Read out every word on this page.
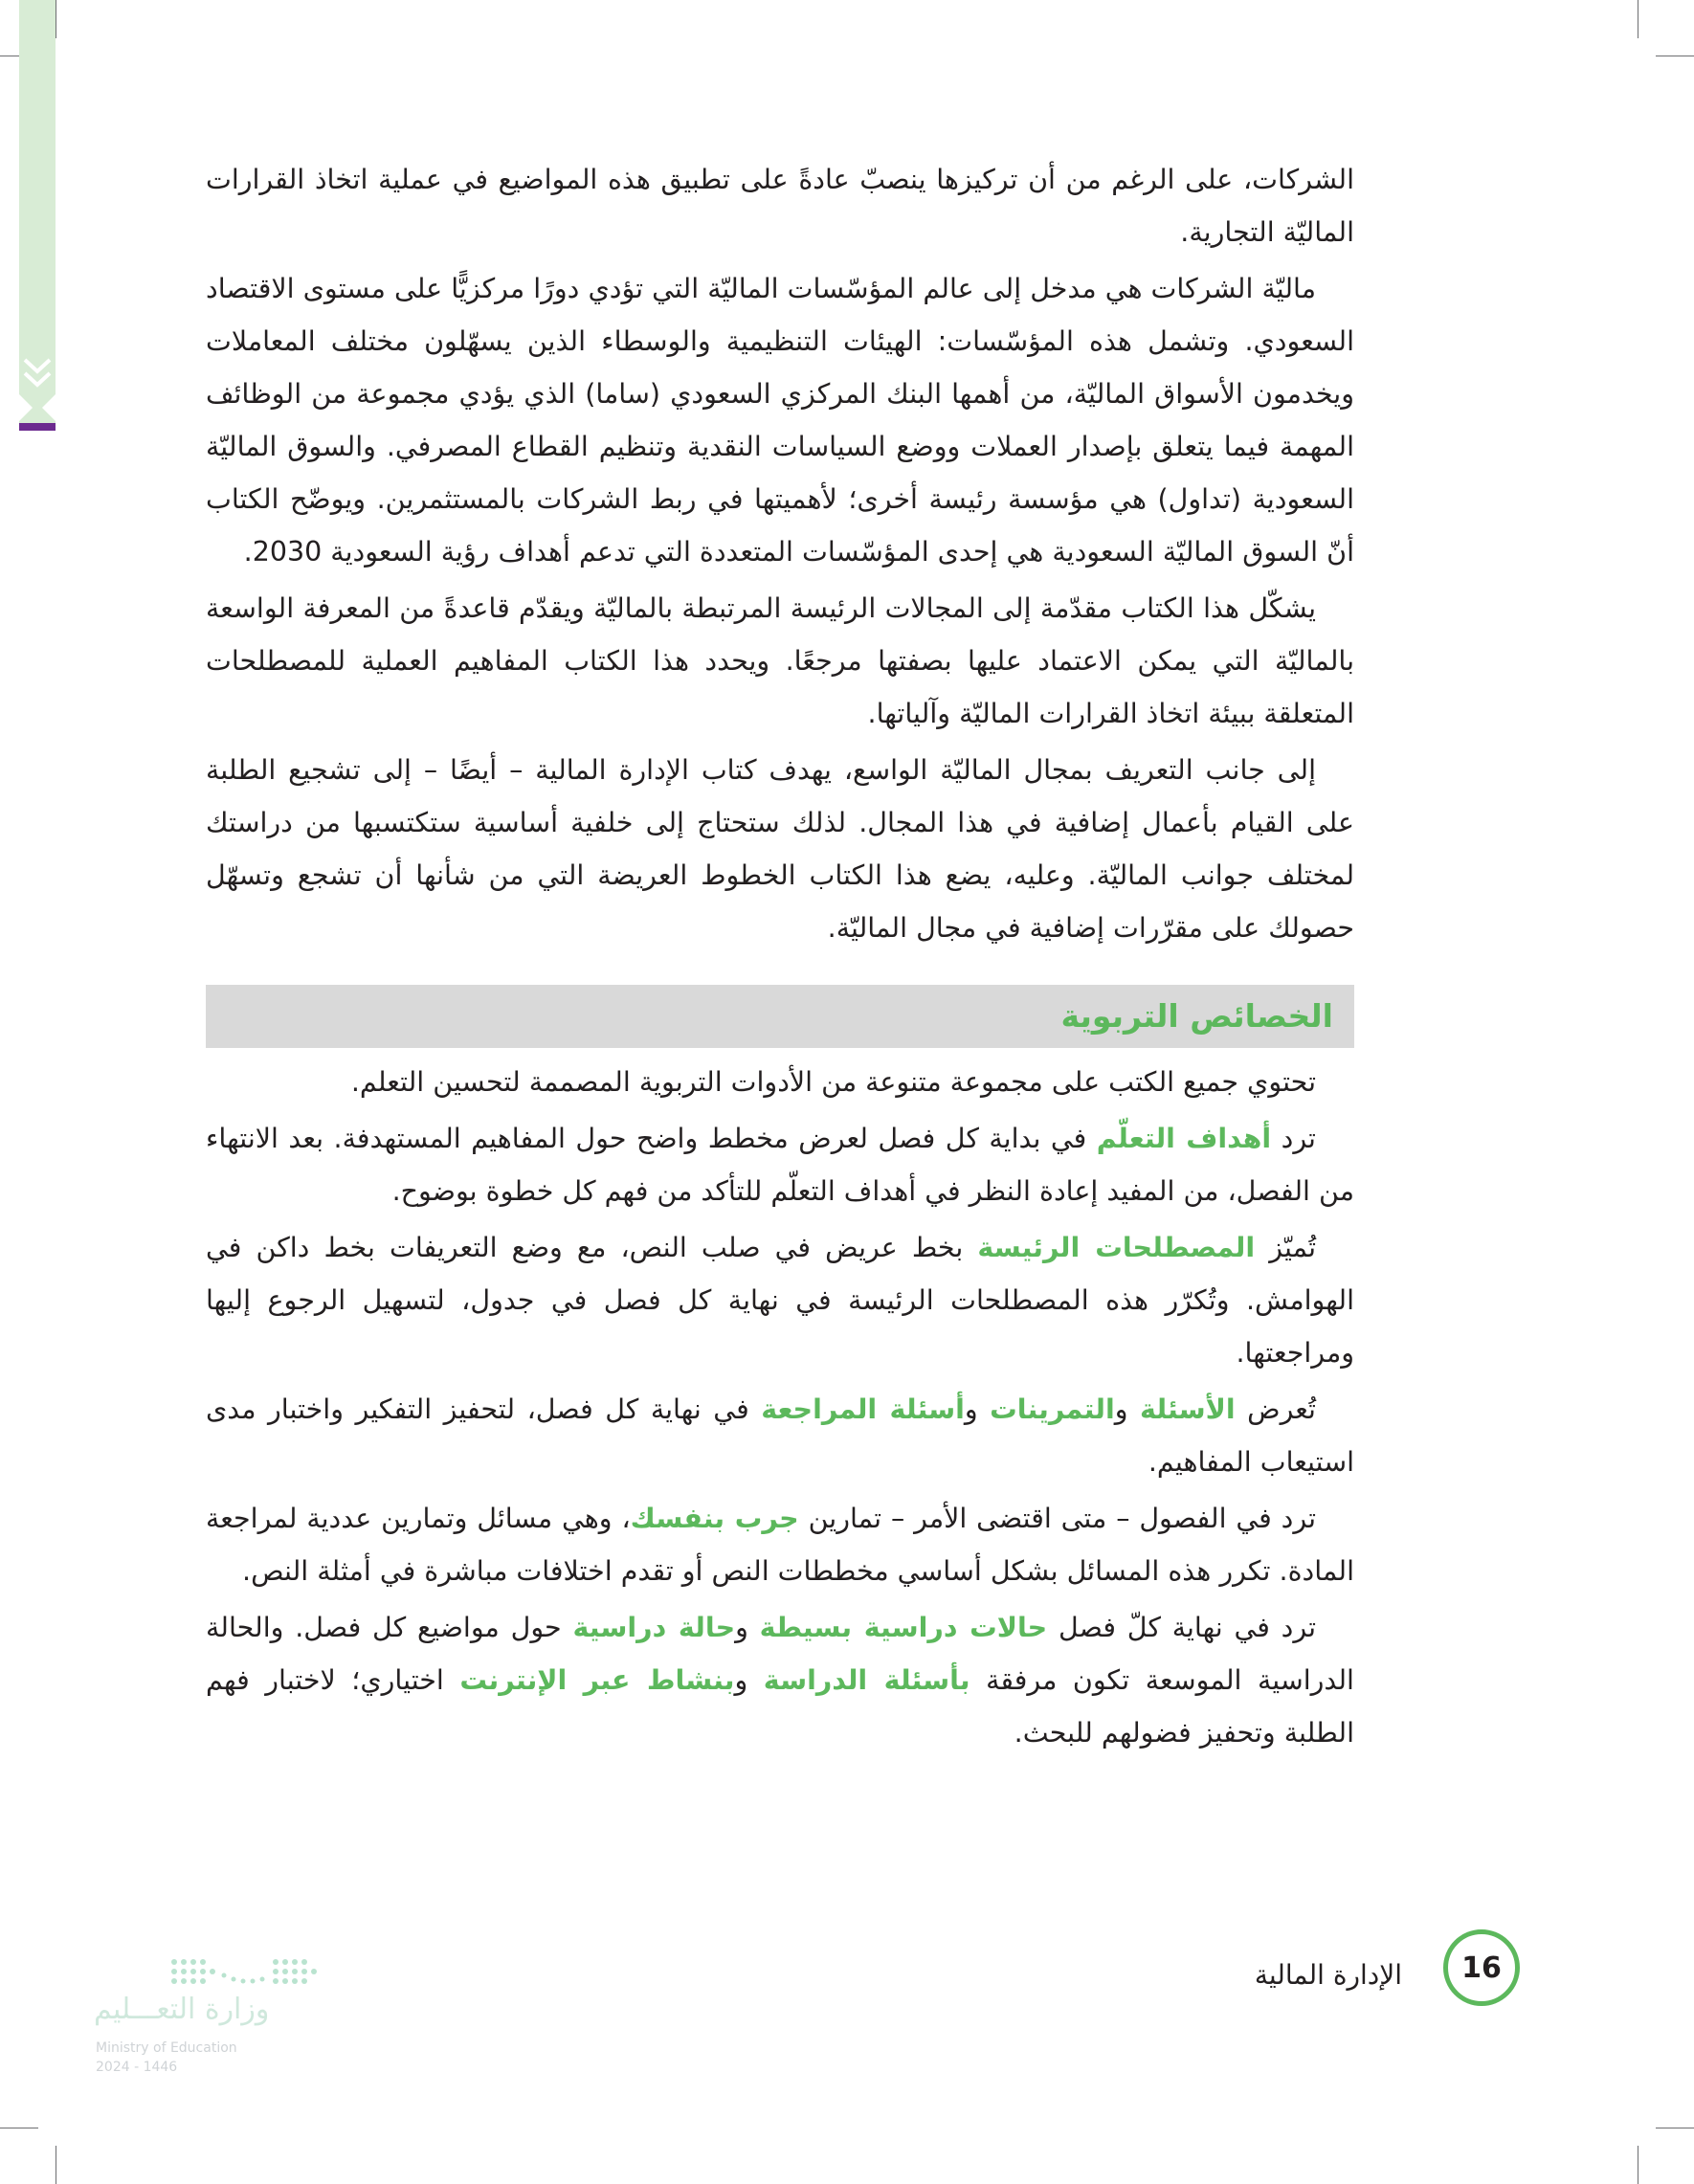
الشركات، على الرغم من أن تركيزها ينصبّ عادةً على تطبيق هذه المواضيع في عملية اتخاذ القرارات الماليّة التجارية.

ماليّة الشركات هي مدخل إلى عالم المؤسّسات الماليّة التي تؤدي دورًا مركزيًّا على مستوى الاقتصاد السعودي. وتشمل هذه المؤسّسات: الهيئات التنظيمية والوسطاء الذين يسهّلون مختلف المعاملات ويخدمون الأسواق الماليّة، من أهمها البنك المركزي السعودي (ساما) الذي يؤدي مجموعة من الوظائف المهمة فيما يتعلق بإصدار العملات ووضع السياسات النقدية وتنظيم القطاع المصرفي. والسوق الماليّة السعودية (تداول) هي مؤسسة رئيسة أخرى؛ لأهميتها في ربط الشركات بالمستثمرين. ويوضّح الكتاب أنّ السوق الماليّة السعودية هي إحدى المؤسّسات المتعددة التي تدعم أهداف رؤية السعودية 2030.

يشكّل هذا الكتاب مقدّمة إلى المجالات الرئيسة المرتبطة بالماليّة ويقدّم قاعدةً من المعرفة الواسعة بالماليّة التي يمكن الاعتماد عليها بصفتها مرجعًا. ويحدد هذا الكتاب المفاهيم العملية للمصطلحات المتعلقة ببيئة اتخاذ القرارات الماليّة وآلياتها.

إلى جانب التعريف بمجال الماليّة الواسع، يهدف كتاب الإدارة المالية – أيضًا – إلى تشجيع الطلبة على القيام بأعمال إضافية في هذا المجال. لذلك ستحتاج إلى خلفية أساسية ستكتسبها من دراستك لمختلف جوانب الماليّة. وعليه، يضع هذا الكتاب الخطوط العريضة التي من شأنها أن تشجع وتسهّل حصولك على مقرّرات إضافية في مجال الماليّة.

الخصائص التربوية

تحتوي جميع الكتب على مجموعة متنوعة من الأدوات التربوية المصممة لتحسين التعلم.

ترد أهداف التعلّم في بداية كل فصل لعرض مخطط واضح حول المفاهيم المستهدفة. بعد الانتهاء من الفصل، من المفيد إعادة النظر في أهداف التعلّم للتأكد من فهم كل خطوة بوضوح.

تُميّز المصطلحات الرئيسة بخط عريض في صلب النص، مع وضع التعريفات بخط داكن في الهوامش. وتُكرّر هذه المصطلحات الرئيسة في نهاية كل فصل في جدول، لتسهيل الرجوع إليها ومراجعتها.

تُعرض الأسئلة والتمرينات وأسئلة المراجعة في نهاية كل فصل، لتحفيز التفكير واختبار مدى استيعاب المفاهيم.

ترد في الفصول – متى اقتضى الأمر – تمارين جرب بنفسك، وهي مسائل وتمارين عددية لمراجعة المادة. تكرر هذه المسائل بشكل أساسي مخططات النص أو تقدم اختلافات مباشرة في أمثلة النص.

ترد في نهاية كلّ فصل حالات دراسية بسيطة وحالة دراسية حول مواضيع كل فصل. والحالة الدراسية الموسعة تكون مرفقة بأسئلة الدراسة وبنشاط عبر الإنترنت اختياري؛ لاختبار فهم الطلبة وتحفيز فضولهم للبحث.

16
الإدارة المالية
وزارة التعـــليم
Ministry of Education
2024 - 1446
